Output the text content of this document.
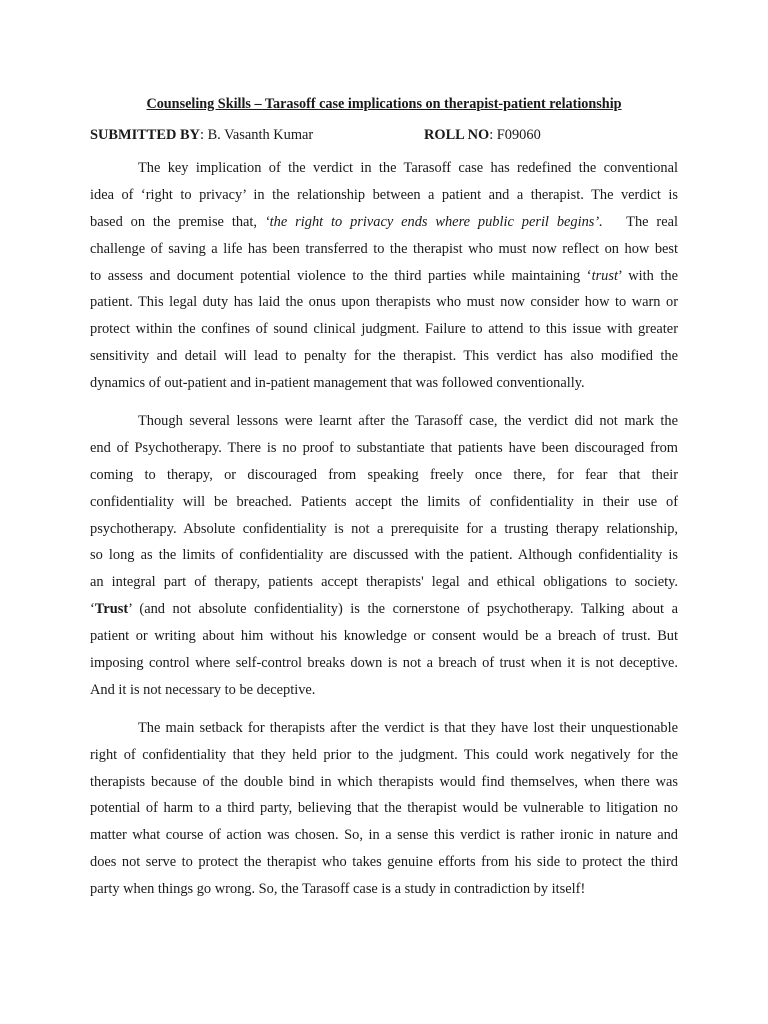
Counseling Skills – Tarasoff case implications on therapist-patient relationship
SUBMITTED BY: B. Vasanth Kumar	ROLL NO: F09060
The key implication of the verdict in the Tarasoff case has redefined the conventional
idea of ‘right to privacy’ in the relationship between a patient and a therapist. The verdict is
based on the premise that, ‘the right to privacy ends where public peril begins’.   The real
challenge of saving a life has been transferred to the therapist who must now reflect on how best
to assess and document potential violence to the third parties while maintaining ‘trust’ with the
patient. This legal duty has laid the onus upon therapists who must now consider how to warn or
protect within the confines of sound clinical judgment. Failure to attend to this issue with greater
sensitivity and detail will lead to penalty for the therapist. This verdict has also modified the
dynamics of out-patient and in-patient management that was followed conventionally.
Though several lessons were learnt after the Tarasoff case, the verdict did not mark the
end of Psychotherapy. There is no proof to substantiate that patients have been discouraged from
coming to therapy, or discouraged from speaking freely once there, for fear that their
confidentiality will be breached. Patients accept the limits of confidentiality in their use of
psychotherapy. Absolute confidentiality is not a prerequisite for a trusting therapy relationship,
so long as the limits of confidentiality are discussed with the patient. Although confidentiality is
an integral part of therapy, patients accept therapists' legal and ethical obligations to society.
‘Trust’ (and not absolute confidentiality) is the cornerstone of psychotherapy. Talking about a
patient or writing about him without his knowledge or consent would be a breach of trust. But
imposing control where self-control breaks down is not a breach of trust when it is not deceptive.
And it is not necessary to be deceptive.
The main setback for therapists after the verdict is that they have lost their unquestionable
right of confidentiality that they held prior to the judgment. This could work negatively for the
therapists because of the double bind in which therapists would find themselves, when there was
potential of harm to a third party, believing that the therapist would be vulnerable to litigation no
matter what course of action was chosen. So, in a sense this verdict is rather ironic in nature and
does not serve to protect the therapist who takes genuine efforts from his side to protect the third
party when things go wrong. So, the Tarasoff case is a study in contradiction by itself!
